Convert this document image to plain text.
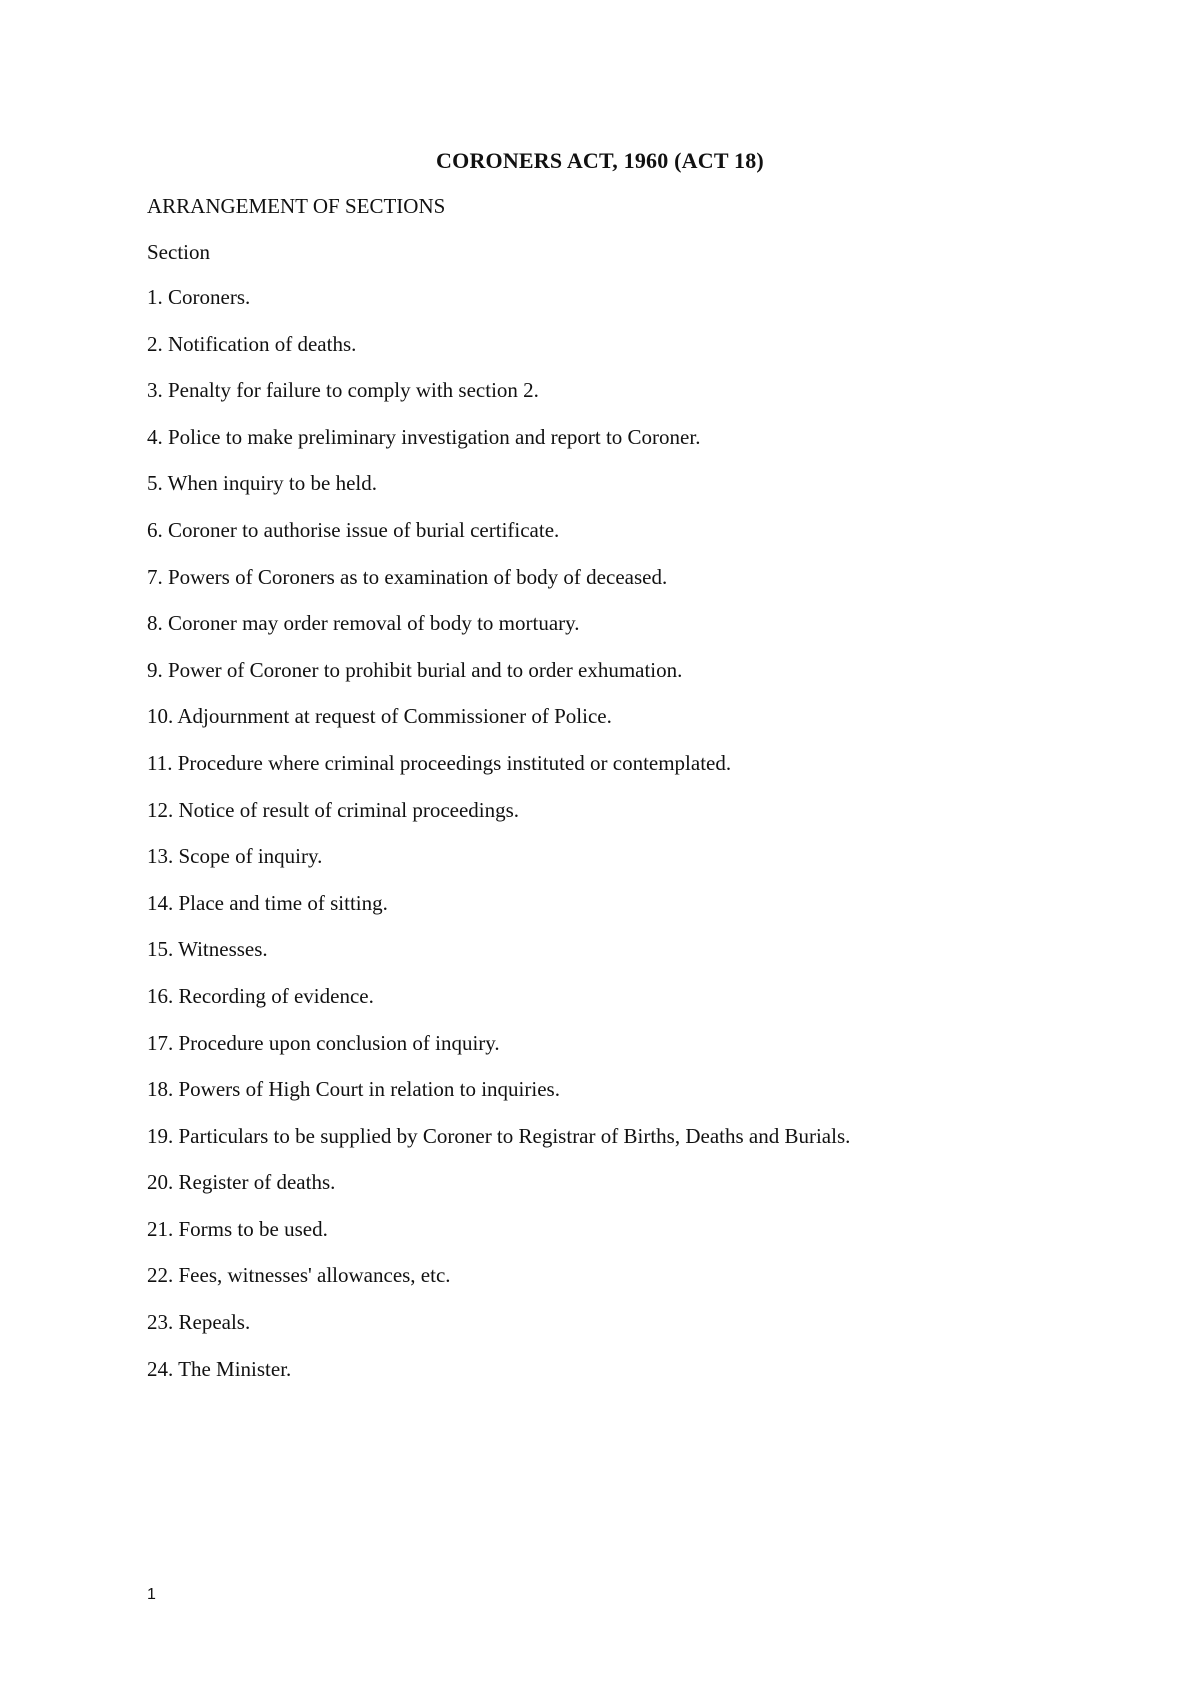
CORONERS ACT, 1960 (ACT 18)
ARRANGEMENT OF SECTIONS
Section
1. Coroners.
2. Notification of deaths.
3. Penalty for failure to comply with section 2.
4. Police to make preliminary investigation and report to Coroner.
5. When inquiry to be held.
6. Coroner to authorise issue of burial certificate.
7. Powers of Coroners as to examination of body of deceased.
8. Coroner may order removal of body to mortuary.
9. Power of Coroner to prohibit burial and to order exhumation.
10. Adjournment at request of Commissioner of Police.
11. Procedure where criminal proceedings instituted or contemplated.
12. Notice of result of criminal proceedings.
13. Scope of inquiry.
14. Place and time of sitting.
15. Witnesses.
16. Recording of evidence.
17. Procedure upon conclusion of inquiry.
18. Powers of High Court in relation to inquiries.
19. Particulars to be supplied by Coroner to Registrar of Births, Deaths and Burials.
20. Register of deaths.
21. Forms to be used.
22. Fees, witnesses' allowances, etc.
23. Repeals.
24. The Minister.
1
